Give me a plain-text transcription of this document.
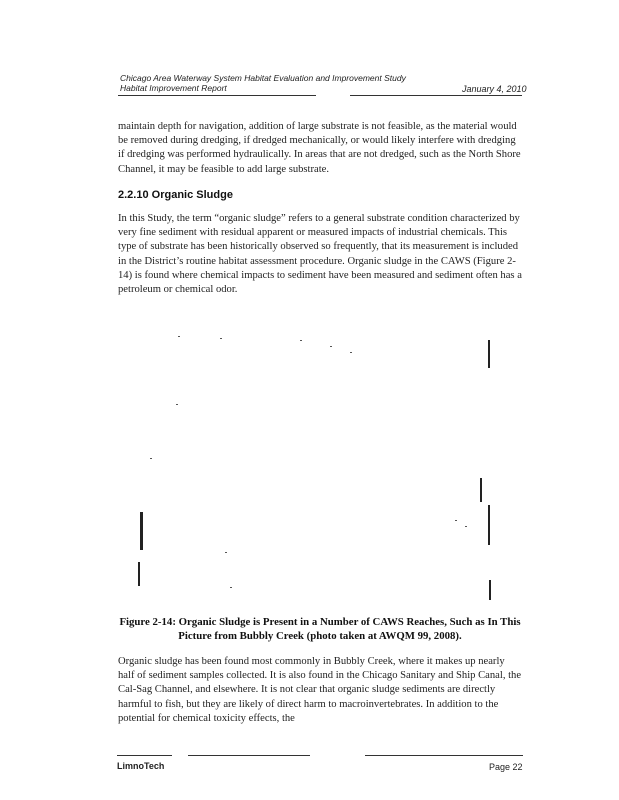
Chicago Area Waterway System Habitat Evaluation and Improvement Study
Habitat Improvement Report	January 4, 2010

maintain depth for navigation, addition of large substrate is not feasible, as the material would be removed during dredging, if dredged mechanically, or would likely interfere with dredging if dredging was performed hydraulically. In areas that are not dredged, such as the North Shore Channel, it may be feasible to add large substrate.

2.2.10 Organic Sludge

In this Study, the term “organic sludge” refers to a general substrate condition characterized by very fine sediment with residual apparent or measured impacts of industrial chemicals. This type of substrate has been historically observed so frequently, that its measurement is included in the District’s routine habitat assessment procedure. Organic sludge in the CAWS (Figure 2-14) is found where chemical impacts to sediment have been measured and sediment often has a petroleum or chemical odor.

Figure 2-14: Organic Sludge is Present in a Number of CAWS Reaches, Such as In This Picture from Bubbly Creek (photo taken at AWQM 99, 2008).

Organic sludge has been found most commonly in Bubbly Creek, where it makes up nearly half of sediment samples collected. It is also found in the Chicago Sanitary and Ship Canal, the Cal-Sag Channel, and elsewhere. It is not clear that organic sludge sediments are directly harmful to fish, but they are likely of direct harm to macroinvertebrates. In addition to the potential for chemical toxicity effects, the

LimnoTech	Page 22
